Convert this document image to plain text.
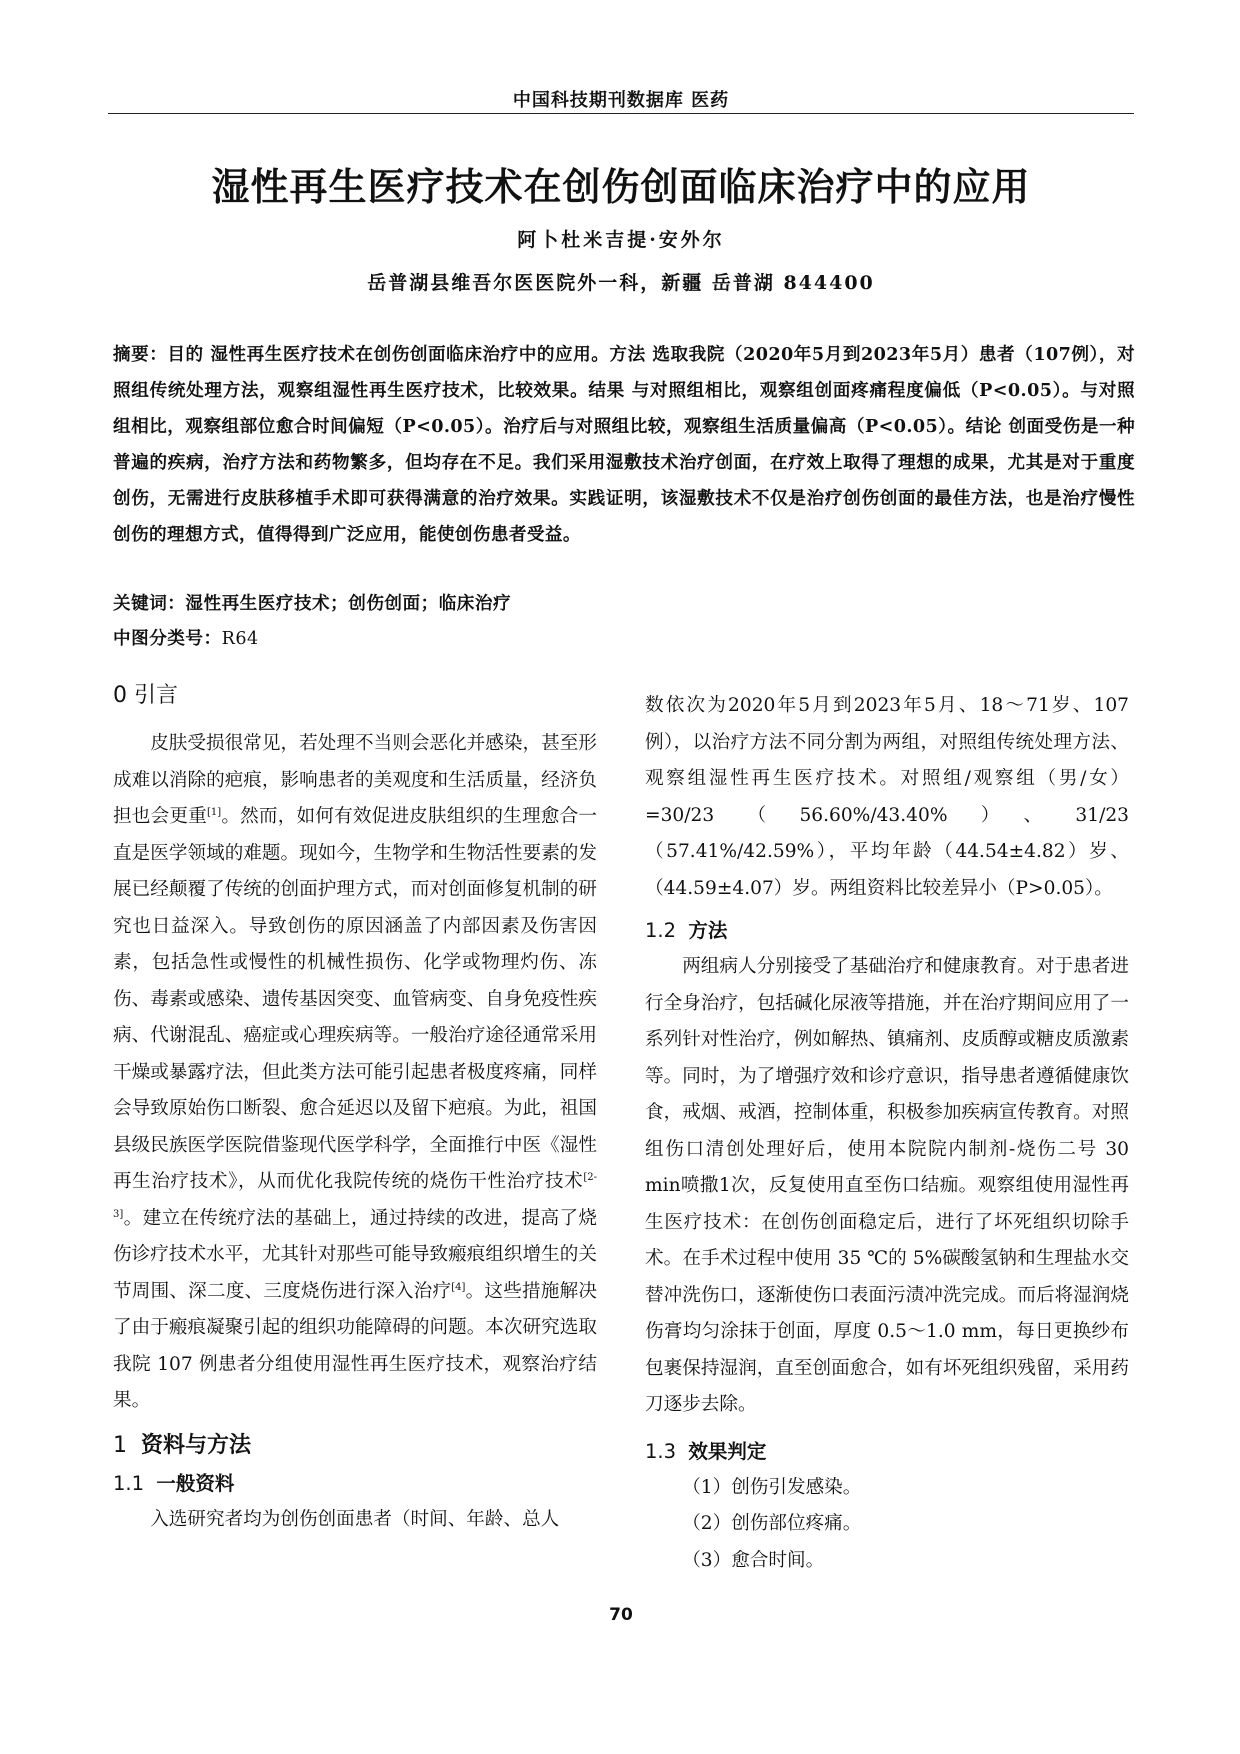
中国科技期刊数据库 医药
湿性再生医疗技术在创伤创面临床治疗中的应用
阿卜杜米吉提·安外尔
岳普湖县维吾尔医医院外一科，新疆 岳普湖 844400
摘要：目的 湿性再生医疗技术在创伤创面临床治疗中的应用。方法 选取我院（2020年5月到2023年5月）患者（107例），对照组传统处理方法，观察组湿性再生医疗技术，比较效果。结果 与对照组相比，观察组创面疼痛程度偏低（P<0.05）。与对照组相比，观察组部位愈合时间偏短（P<0.05）。治疗后与对照组比较，观察组生活质量偏高（P<0.05）。结论 创面受伤是一种普遍的疾病，治疗方法和药物繁多，但均存在不足。我们采用湿敷技术治疗创面，在疗效上取得了理想的成果，尤其是对于重度创伤，无需进行皮肤移植手术即可获得满意的治疗效果。实践证明，该湿敷技术不仅是治疗创伤创面的最佳方法，也是治疗慢性创伤的理想方式，值得得到广泛应用，能使创伤患者受益。
关键词：湿性再生医疗技术；创伤创面；临床治疗
中图分类号：R64
0 引言

皮肤受损很常见，若处理不当则会恶化并感染，甚至形成难以消除的疤痕，影响患者的美观度和生活质量，经济负担也会更重[1]。然而，如何有效促进皮肤组织的生理愈合一直是医学领域的难题。现如今，生物学和生物活性要素的发展已经颠覆了传统的创面护理方式，而对创面修复机制的研究也日益深入。导致创伤的原因涵盖了内部因素及伤害因素，包括急性或慢性的机械性损伤、化学或物理灼伤、冻伤、毒素或感染、遗传基因突变、血管病变、自身免疫性疾病、代谢混乱、癌症或心理疾病等。一般治疗途径通常采用干燥或暴露疗法，但此类方法可能引起患者极度疼痛，同样会导致原始伤口断裂、愈合延迟以及留下疤痕。为此，祖国县级民族医学医院借鉴现代医学科学，全面推行中医《湿性再生治疗技术》，从而优化我院传统的烧伤干性治疗技术[2-3]。建立在传统疗法的基础上，通过持续的改进，提高了烧伤诊疗技术水平，尤其针对那些可能导致瘢痕组织增生的关节周围、深二度、三度烧伤进行深入治疗[4]。这些措施解决了由于瘢痕凝聚引起的组织功能障碍的问题。本次研究选取我院 107 例患者分组使用湿性再生医疗技术，观察治疗结果。

1 资料与方法
1.1 一般资料

入选研究者均为创伤创面患者（时间、年龄、总人

数依次为2020年5月到2023年5月、18～71岁、107例），以治疗方法不同分割为两组，对照组传统处理方法、观察组湿性再生医疗技术。对照组/观察组（男/女）=30/23（56.60%/43.40%）、31/23（57.41%/42.59%），平均年龄（44.54±4.82）岁、（44.59±4.07）岁。两组资料比较差异小（P>0.05）。

1.2 方法

两组病人分别接受了基础治疗和健康教育。对于患者进行全身治疗，包括碱化尿液等措施，并在治疗期间应用了一系列针对性治疗，例如解热、镇痛剂、皮质醇或糖皮质激素等。同时，为了增强疗效和诊疗意识，指导患者遵循健康饮食，戒烟、戒酒，控制体重，积极参加疾病宣传教育。对照组伤口清创处理好后，使用本院院内制剂-烧伤二号 30 min喷撒1次，反复使用直至伤口结痂。观察组使用湿性再生医疗技术：在创伤创面稳定后，进行了坏死组织切除手术。在手术过程中使用 35 ℃的 5%碳酸氢钠和生理盐水交替冲洗伤口，逐渐使伤口表面污渍冲洗完成。而后将湿润烧伤膏均匀涂抹于创面，厚度 0.5～1.0 mm，每日更换纱布包裹保持湿润，直至创面愈合，如有坏死组织残留，采用药刀逐步去除。

1.3 效果判定

（1）创伤引发感染。

（2）创伤部位疼痛。

（3）愈合时间。

70
